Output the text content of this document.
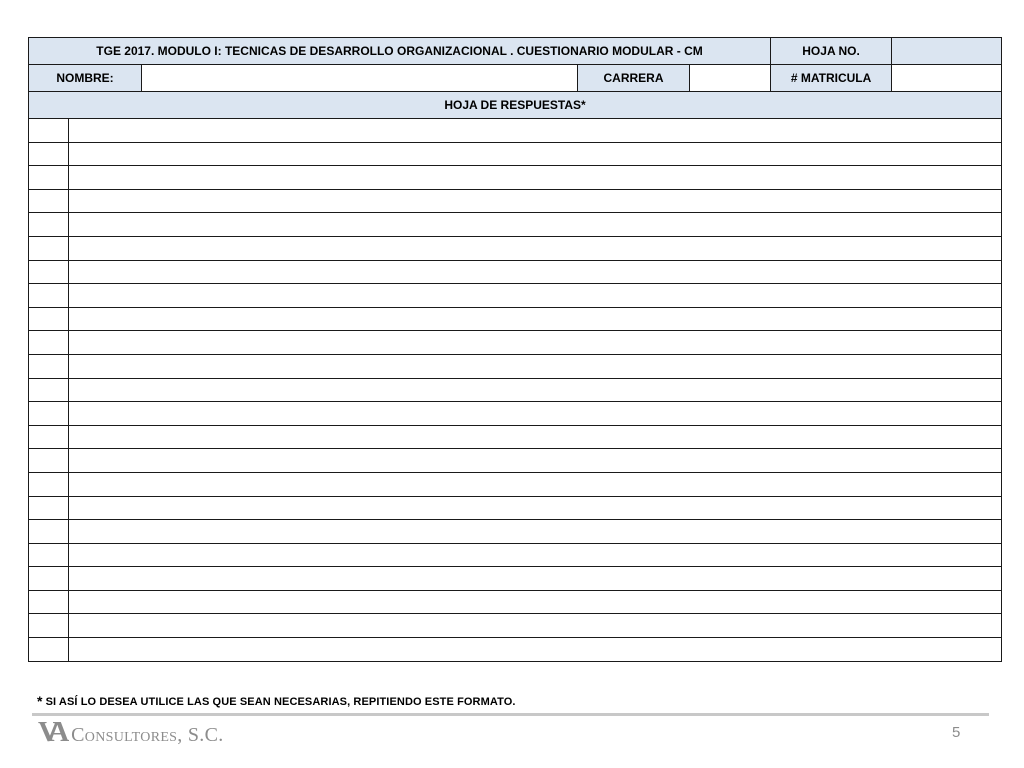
TGE 2017. MODULO I: TECNICAS DE DESARROLLO ORGANIZACIONAL . CUESTIONARIO MODULAR - CM					HOJA NO.	
NOMBRE:			CARRERA		# MATRICULA	
HOJA DE RESPUESTAS*						

* SI ASÍ LO DESEA UTILICE LAS QUE SEAN NECESARIAS, REPITIENDO ESTE FORMATO.
VA Consultores, S.C.	5
